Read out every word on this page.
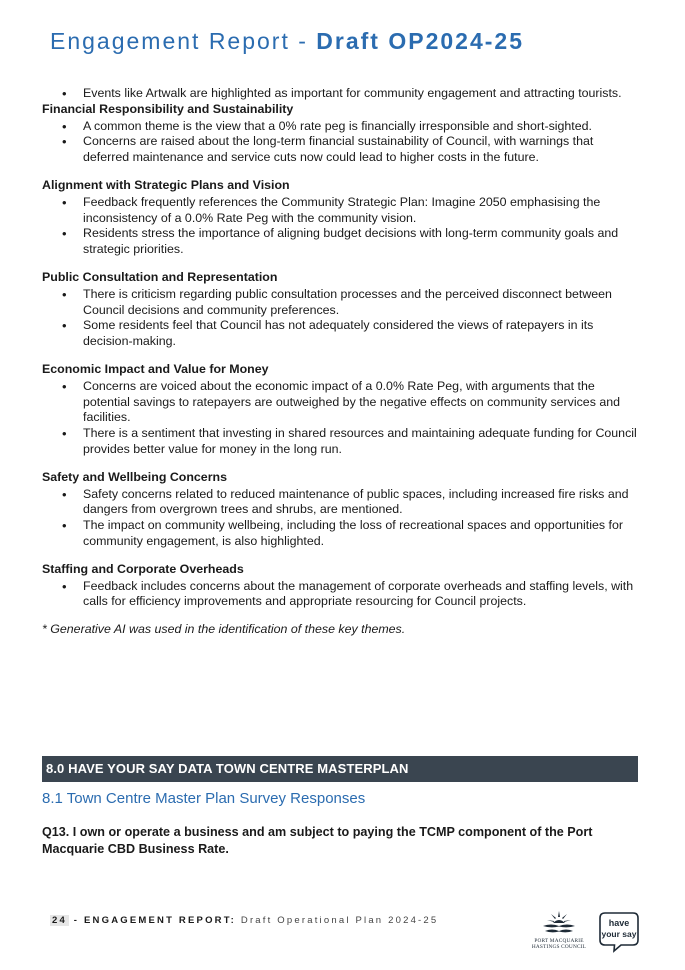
Engagement Report - Draft OP2024-25
• Events like Artwalk are highlighted as important for community engagement and attracting tourists.

Financial Responsibility and Sustainability

• A common theme is the view that a 0% rate peg is financially irresponsible and short-sighted.
• Concerns are raised about the long-term financial sustainability of Council, with warnings that deferred maintenance and service cuts now could lead to higher costs in the future.

Alignment with Strategic Plans and Vision

• Feedback frequently references the Community Strategic Plan: Imagine 2050 emphasising the inconsistency of a 0.0% Rate Peg with the community vision.
• Residents stress the importance of aligning budget decisions with long-term community goals and strategic priorities.

Public Consultation and Representation

• There is criticism regarding public consultation processes and the perceived disconnect between Council decisions and community preferences.
• Some residents feel that Council has not adequately considered the views of ratepayers in its decision-making.

Economic Impact and Value for Money

• Concerns are voiced about the economic impact of a 0.0% Rate Peg, with arguments that the potential savings to ratepayers are outweighed by the negative effects on community services and facilities.
• There is a sentiment that investing in shared resources and maintaining adequate funding for Council provides better value for money in the long run.

Safety and Wellbeing Concerns

• Safety concerns related to reduced maintenance of public spaces, including increased fire risks and dangers from overgrown trees and shrubs, are mentioned.
• The impact on community wellbeing, including the loss of recreational spaces and opportunities for community engagement, is also highlighted.

Staffing and Corporate Overheads

• Feedback includes concerns about the management of corporate overheads and staffing levels, with calls for efficiency improvements and appropriate resourcing for Council projects.

* Generative AI was used in the identification of these key themes.

8.0 HAVE YOUR SAY DATA TOWN CENTRE MASTERPLAN
8.1 Town Centre Master Plan Survey Responses

Q13. I own or operate a business and am subject to paying the TCMP component of the Port Macquarie CBD Business Rate.

24 - ENGAGEMENT REPORT: Draft Operational Plan 2024-25
PORT MACQUARIE
HASTINGS COUNCIL
have
your say
